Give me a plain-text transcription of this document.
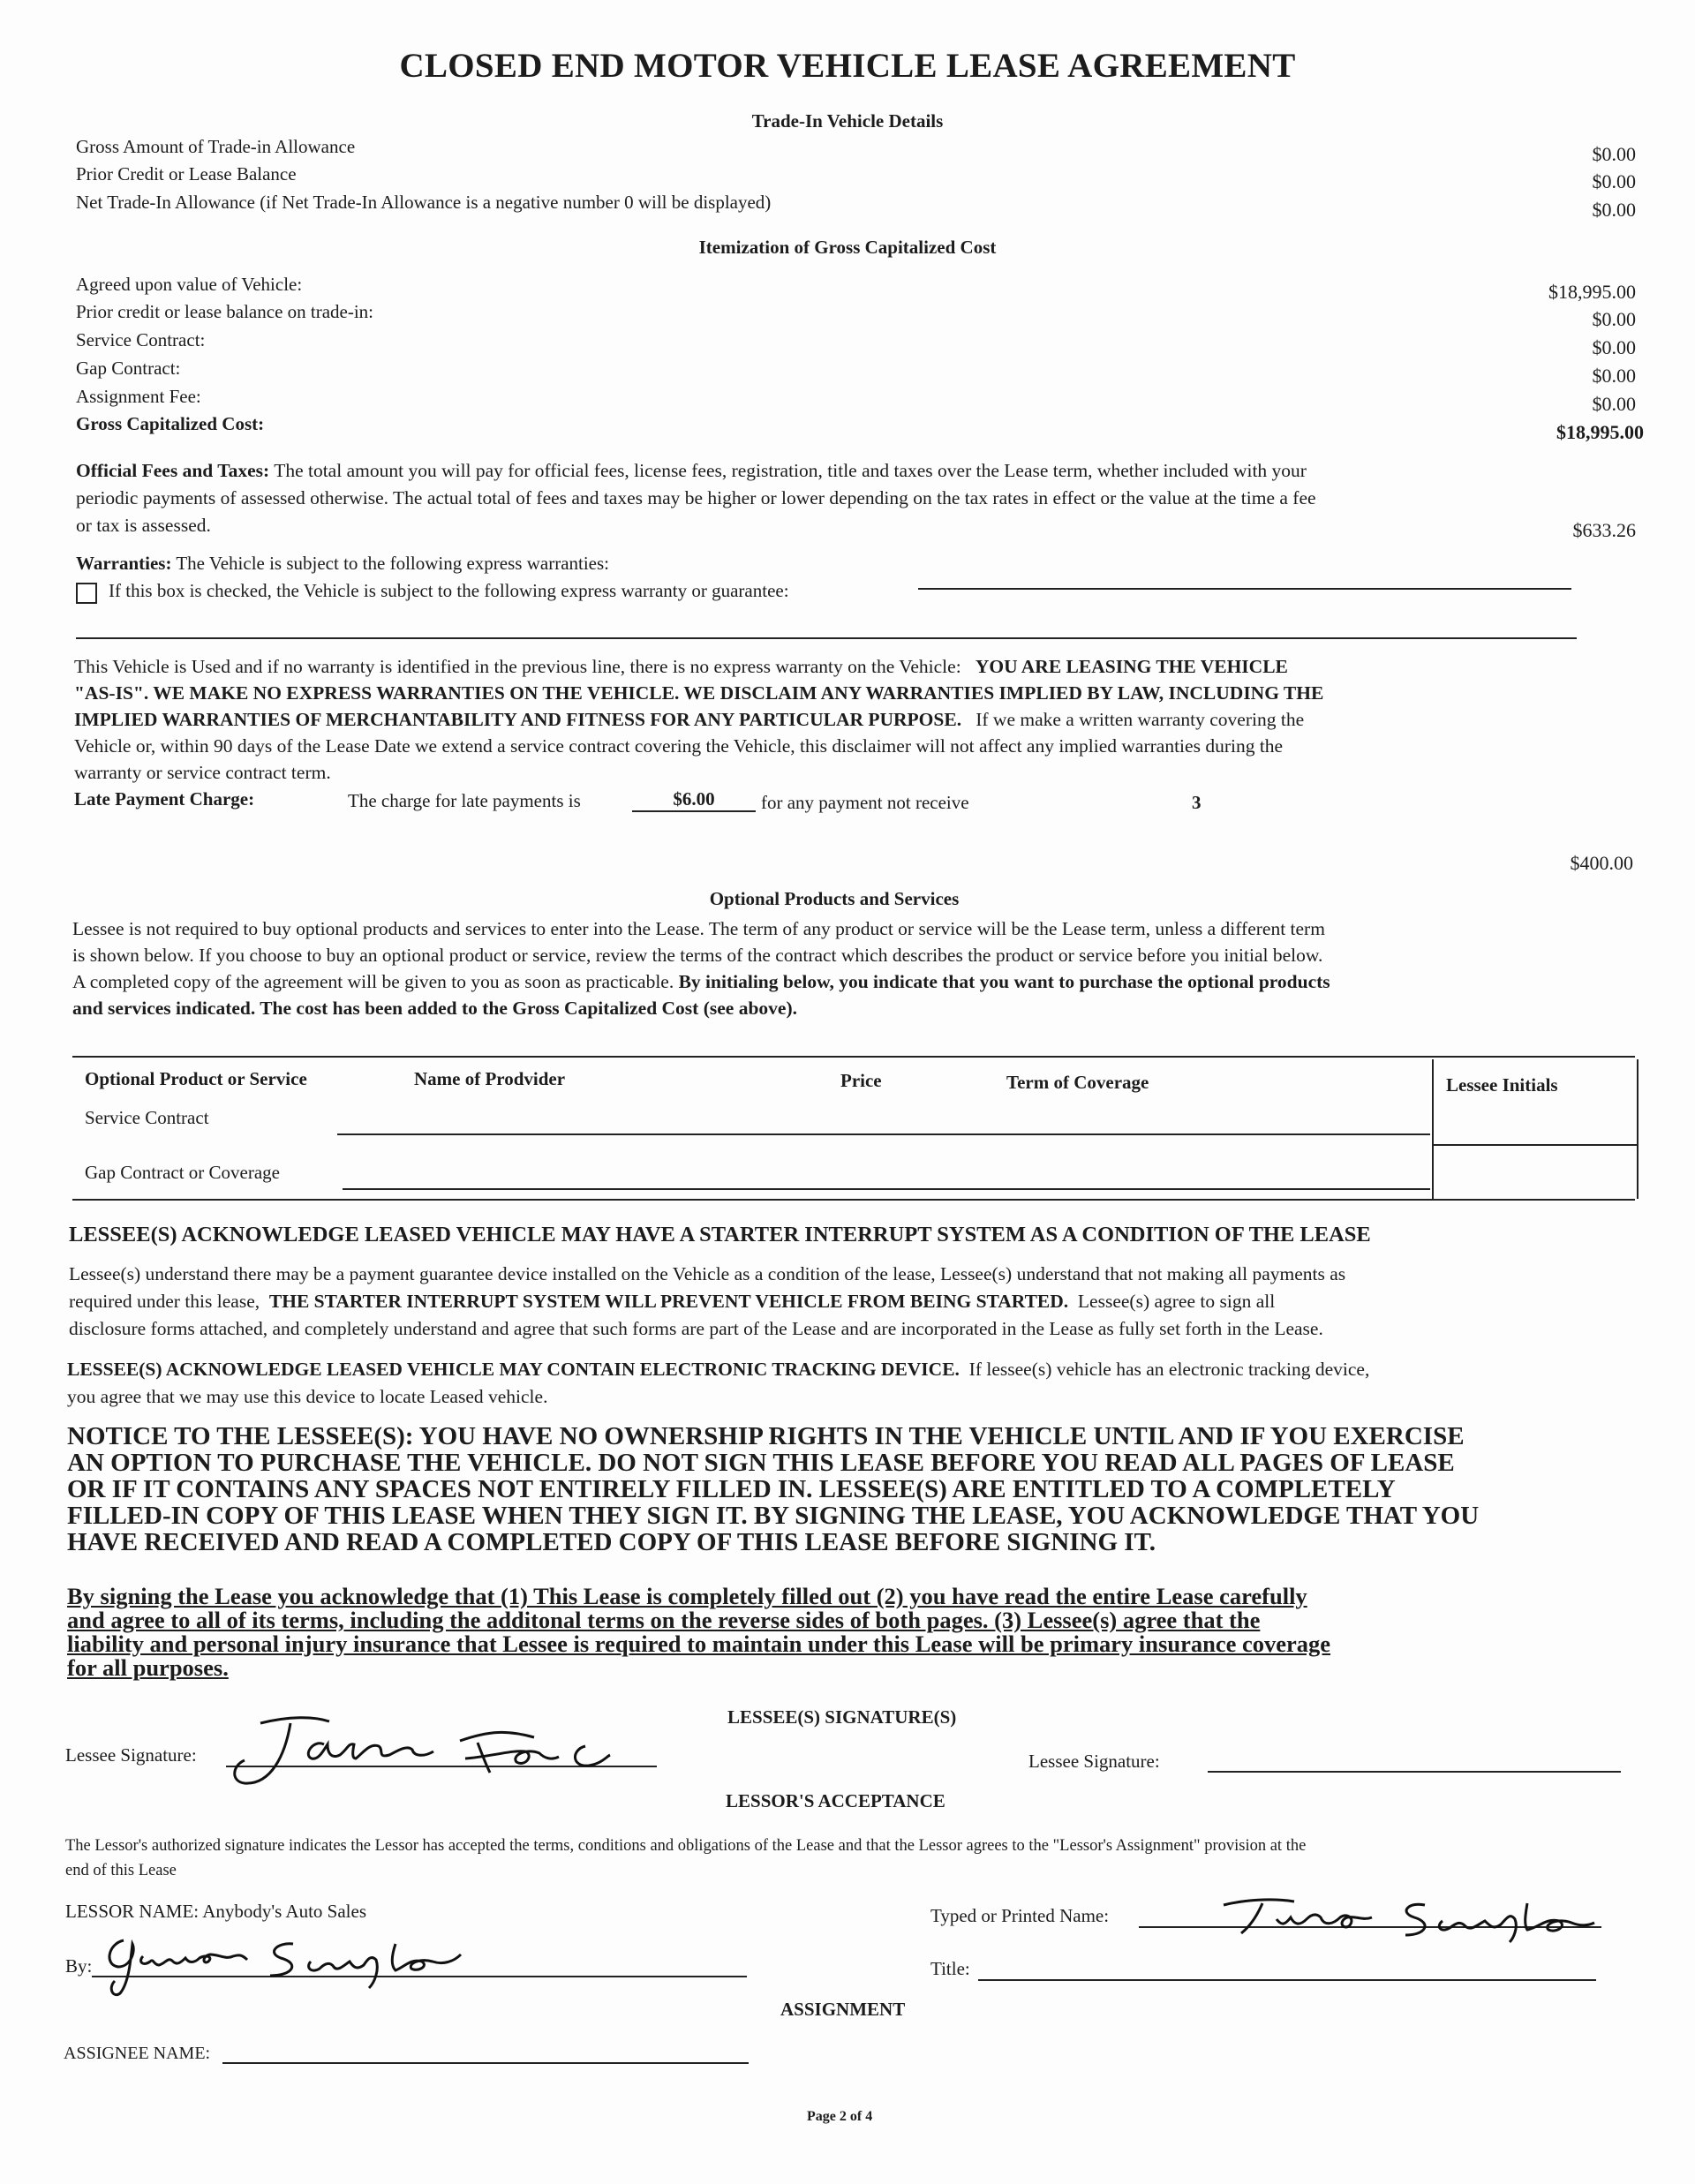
CLOSED END MOTOR VEHICLE LEASE AGREEMENT
Trade-In Vehicle Details
Gross Amount of Trade-in Allowance	$0.00
Prior Credit or Lease Balance	$0.00
Net Trade-In Allowance (if Net Trade-In Allowance is a negative number 0 will be displayed)	$0.00
Itemization of Gross Capitalized Cost
Agreed upon value of Vehicle:	$18,995.00
Prior credit or lease balance on trade-in:	$0.00
Service Contract:	$0.00
Gap Contract:	$0.00
Assignment Fee:	$0.00
Gross Capitalized Cost:	$18,995.00
Official Fees and Taxes: The total amount you will pay for official fees, license fees, registration, title and taxes over the Lease term, whether included with your
periodic payments of assessed otherwise. The actual total of fees and taxes may be higher or lower depending on the tax rates in effect or the value at the time a fee
or tax is assessed.	$633.26
Warranties: The Vehicle is subject to the following express warranties:
If this box is checked, the Vehicle is subject to the following express warranty or guarantee:
This Vehicle is Used and if no warranty is identified in the previous line, there is no express warranty on the Vehicle: YOU ARE LEASING THE VEHICLE
"AS-IS". WE MAKE NO EXPRESS WARRANTIES ON THE VEHICLE. WE DISCLAIM ANY WARRANTIES IMPLIED BY LAW, INCLUDING THE
IMPLIED WARRANTIES OF MERCHANTABILITY AND FITNESS FOR ANY PARTICULAR PURPOSE. If we make a written warranty covering the
Vehicle or, within 90 days of the Lease Date we extend a service contract covering the Vehicle, this disclaimer will not affect any implied warranties during the
warranty or service contract term.
Late Payment Charge:	The charge for late payments is	$6.00	for any payment not receive	3
$400.00
Optional Products and Services
Lessee is not required to buy optional products and services to enter into the Lease. The term of any product or service will be the Lease term, unless a different term
is shown below. If you choose to buy an optional product or service, review the terms of the contract which describes the product or service before you initial below.
A completed copy of the agreement will be given to you as soon as practicable. By initialing below, you indicate that you want to purchase the optional products
and services indicated. The cost has been added to the Gross Capitalized Cost (see above).
Optional Product or Service	Name of Prodvider	Price	Term of Coverage	Lessee Initials
Service Contract
Gap Contract or Coverage
LESSEE(S) ACKNOWLEDGE LEASED VEHICLE MAY HAVE A STARTER INTERRUPT SYSTEM AS A CONDITION OF THE LEASE
Lessee(s) understand there may be a payment guarantee device installed on the Vehicle as a condition of the lease, Lessee(s) understand that not making all payments as
required under this lease, THE STARTER INTERRUPT SYSTEM WILL PREVENT VEHICLE FROM BEING STARTED. Lessee(s) agree to sign all
disclosure forms attached, and completely understand and agree that such forms are part of the Lease and are incorporated in the Lease as fully set forth in the Lease.
LESSEE(S) ACKNOWLEDGE LEASED VEHICLE MAY CONTAIN ELECTRONIC TRACKING DEVICE. If lessee(s) vehicle has an electronic tracking device,
you agree that we may use this device to locate Leased vehicle.
NOTICE TO THE LESSEE(S): YOU HAVE NO OWNERSHIP RIGHTS IN THE VEHICLE UNTIL AND IF YOU EXERCISE
AN OPTION TO PURCHASE THE VEHICLE. DO NOT SIGN THIS LEASE BEFORE YOU READ ALL PAGES OF LEASE
OR IF IT CONTAINS ANY SPACES NOT ENTIRELY FILLED IN. LESSEE(S) ARE ENTITLED TO A COMPLETELY
FILLED-IN COPY OF THIS LEASE WHEN THEY SIGN IT. BY SIGNING THE LEASE, YOU ACKNOWLEDGE THAT YOU
HAVE RECEIVED AND READ A COMPLETED COPY OF THIS LEASE BEFORE SIGNING IT.
By signing the Lease you acknowledge that (1) This Lease is completely filled out (2) you have read the entire Lease carefully
and agree to all of its terms, including the additonal terms on the reverse sides of both pages. (3) Lessee(s) agree that the
liability and personal injury insurance that Lessee is required to maintain under this Lease will be primary insurance coverage
for all purposes.
LESSEE(S) SIGNATURE(S)
Lessee Signature:
Janet Doe
Lessee Signature:
LESSOR'S ACCEPTANCE
The Lessor's authorized signature indicates the Lessor has accepted the terms, conditions and obligations of the Lease and that the Lessor agrees to the "Lessor's Assignment" provision at the
end of this Lease
LESSOR NAME: Anybody's Auto Sales	Typed or Printed Name:
Junior Sample
By:
Junior Sample
Title:
ASSIGNMENT
ASSIGNEE NAME:
Page 2 of 4
